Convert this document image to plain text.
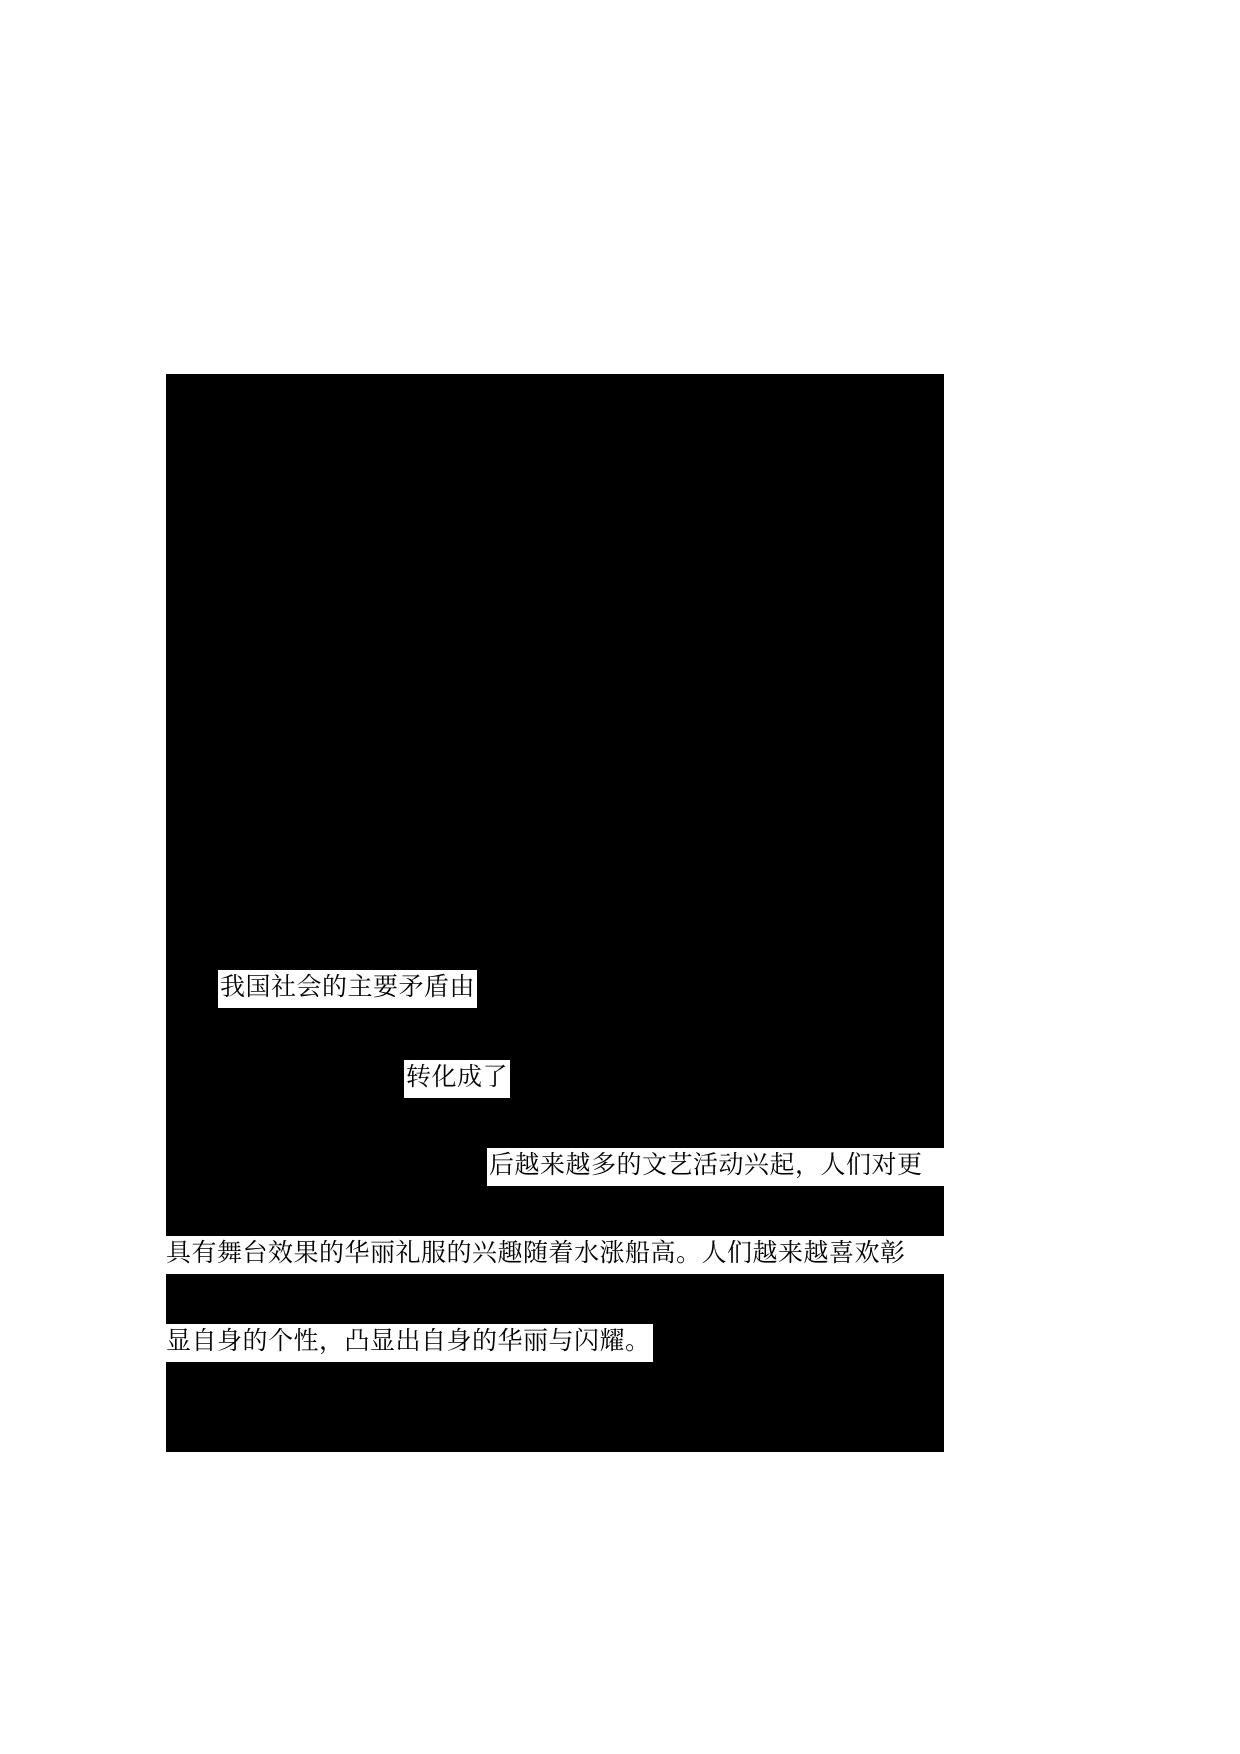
我国社会的主要矛盾由
转化成了
后越来越多的文艺活动兴起，人们对更
具有舞台效果的华丽礼服的兴趣随着水涨船高。人们越来越喜欢彰
显自身的个性，凸显出自身的华丽与闪耀。
